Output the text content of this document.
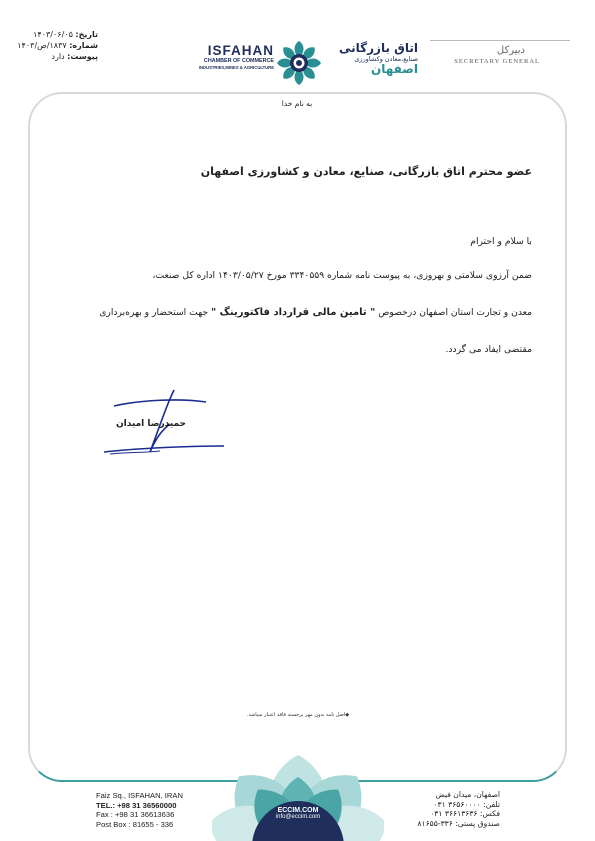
تاریخ: ۱۴۰۳/۰۶/۰۵
شماره: ۱۸۳۷/ص/۱۴۰۳
پیوست: دارد	ISFAHAN
CHAMBER OF COMMERCE
INDUSTRIES,MINES & AGRICULTURE
اتاق بازرگانی
صنایع،معادن وکشاورزی
اصفهان
دبیرکل
SECRETARY GENERAL
به نام خدا
عضو محترم اتاق بازرگانی، صنایع، معادن و کشاورزی اصفهان
با سلام و احترام
ضمن آرزوی سلامتی و بهروزی، به پیوست نامه شماره ۳۳۴۰۵۵۹ مورخ ۱۴۰۳/۰۵/۲۷ اداره کل صنعت،
معدن و تجارت استان اصفهان درخصوص " تامین مالی قرارداد فاکتورینگ " جهت استحضار و بهره‌برداری
مقتضی ایفاد می گردد.
حمیدرضا امیدان
◆اصل نامه بدون مهر برجسته فاقد اعتبار میباشد.
ECCIM.COM
info@eccim.com
Faiz Sq., ISFAHAN, IRAN
TEL.: +98 31 36560000
Fax : +98 31 36613636
Post Box : 81655 - 336
اصفهان، میدان فیض
تلفن: ۳۶۵۶۰۰۰۰ ۰۳۱
فکس: ۳۶۶۱۳۶۳۶ ۰۳۱
صندوق پستی: ۳۳۶-۸۱۶۵۵
